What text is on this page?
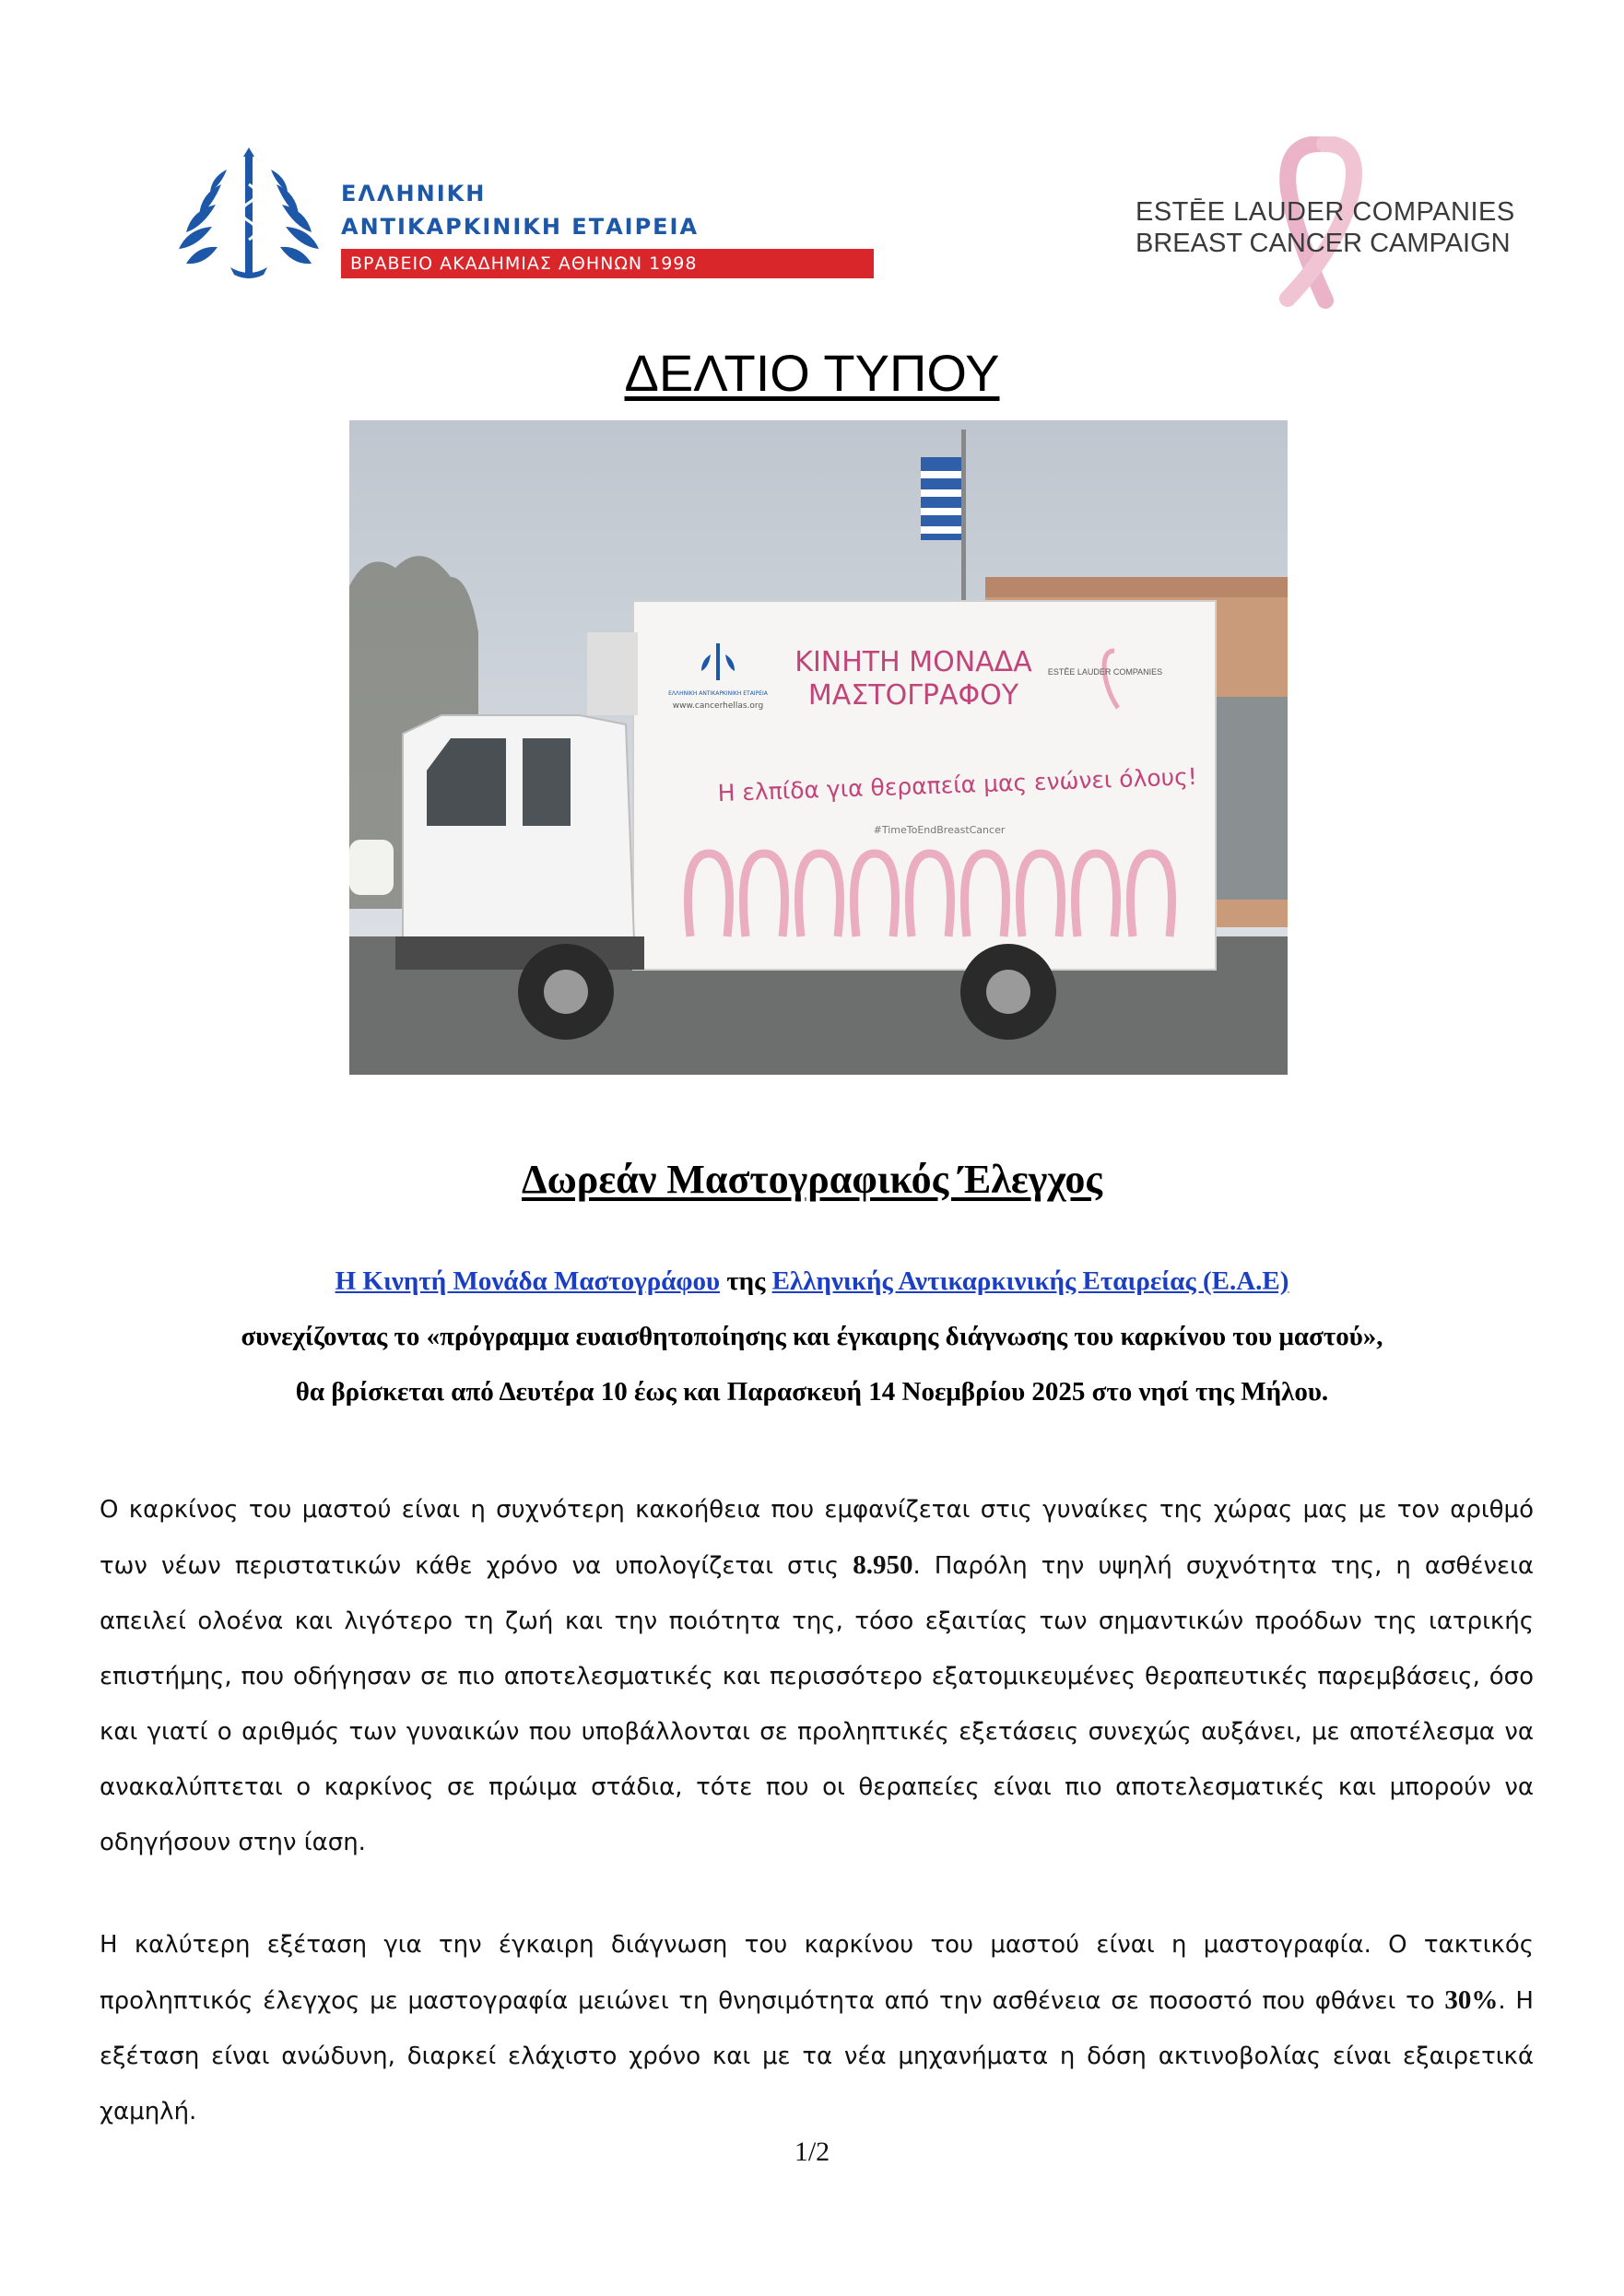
ΕΛΛΗΝΙΚΗ
ΑΝΤΙΚΑΡΚΙΝΙΚΗ ΕΤΑΙΡΕΙΑ
ΒΡΑΒΕΙΟ ΑΚΑΔΗΜΙΑΣ ΑΘΗΝΩΝ 1998
ESTĒE LAUDER COMPANIES
BREAST CANCER CAMPAIGN
ΔΕΛΤΙΟ ΤΥΠΟΥ
ΕΛΛΗΝΙΚΗ ΑΝΤΙΚΑΡΚΙΝΙΚΗ ΕΤΑΙΡΕΙΑ
www.cancerhellas.org
ΚΙΝΗΤΗ ΜΟΝΑΔΑ
ΜΑΣΤΟΓΡΑΦΟΥ
ESTĒE LAUDER COMPANIES
Η ελπίδα για θεραπεία μας ενώνει όλους!
#TimeToEndBreastCancer
Δωρεάν Μαστογραφικός Έλεγχος
Η Κινητή Μονάδα Μαστογράφου της Ελληνικής Αντικαρκινικής Εταιρείας (Ε.Α.Ε)
συνεχίζοντας το «πρόγραμμα ευαισθητοποίησης και έγκαιρης διάγνωσης του καρκίνου του μαστού»,
θα βρίσκεται από Δευτέρα 10 έως και Παρασκευή 14 Νοεμβρίου 2025 στο νησί της Μήλου.
Ο καρκίνος του μαστού είναι η συχνότερη κακοήθεια που εμφανίζεται στις γυναίκες της χώρας μας με τον αριθμό των νέων περιστατικών κάθε χρόνο να υπολογίζεται στις 8.950. Παρόλη την υψηλή συχνότητα της, η ασθένεια απειλεί ολοένα και λιγότερο τη ζωή και την ποιότητα της, τόσο εξαιτίας των σημαντικών προόδων της ιατρικής επιστήμης, που οδήγησαν σε πιο αποτελεσματικές και περισσότερο εξατομικευμένες θεραπευτικές παρεμβάσεις, όσο και γιατί ο αριθμός των γυναικών που υποβάλλονται σε προληπτικές εξετάσεις συνεχώς αυξάνει, με αποτέλεσμα να ανακαλύπτεται ο καρκίνος σε πρώιμα στάδια, τότε που οι θεραπείες είναι πιο αποτελεσματικές και μπορούν να οδηγήσουν στην ίαση.
Η καλύτερη εξέταση για την έγκαιρη διάγνωση του καρκίνου του μαστού είναι η μαστογραφία. Ο τακτικός προληπτικός έλεγχος με μαστογραφία μειώνει τη θνησιμότητα από την ασθένεια σε ποσοστό που φθάνει το 30%. Η εξέταση είναι ανώδυνη, διαρκεί ελάχιστο χρόνο και με τα νέα μηχανήματα η δόση ακτινοβολίας είναι εξαιρετικά χαμηλή.
1/2
